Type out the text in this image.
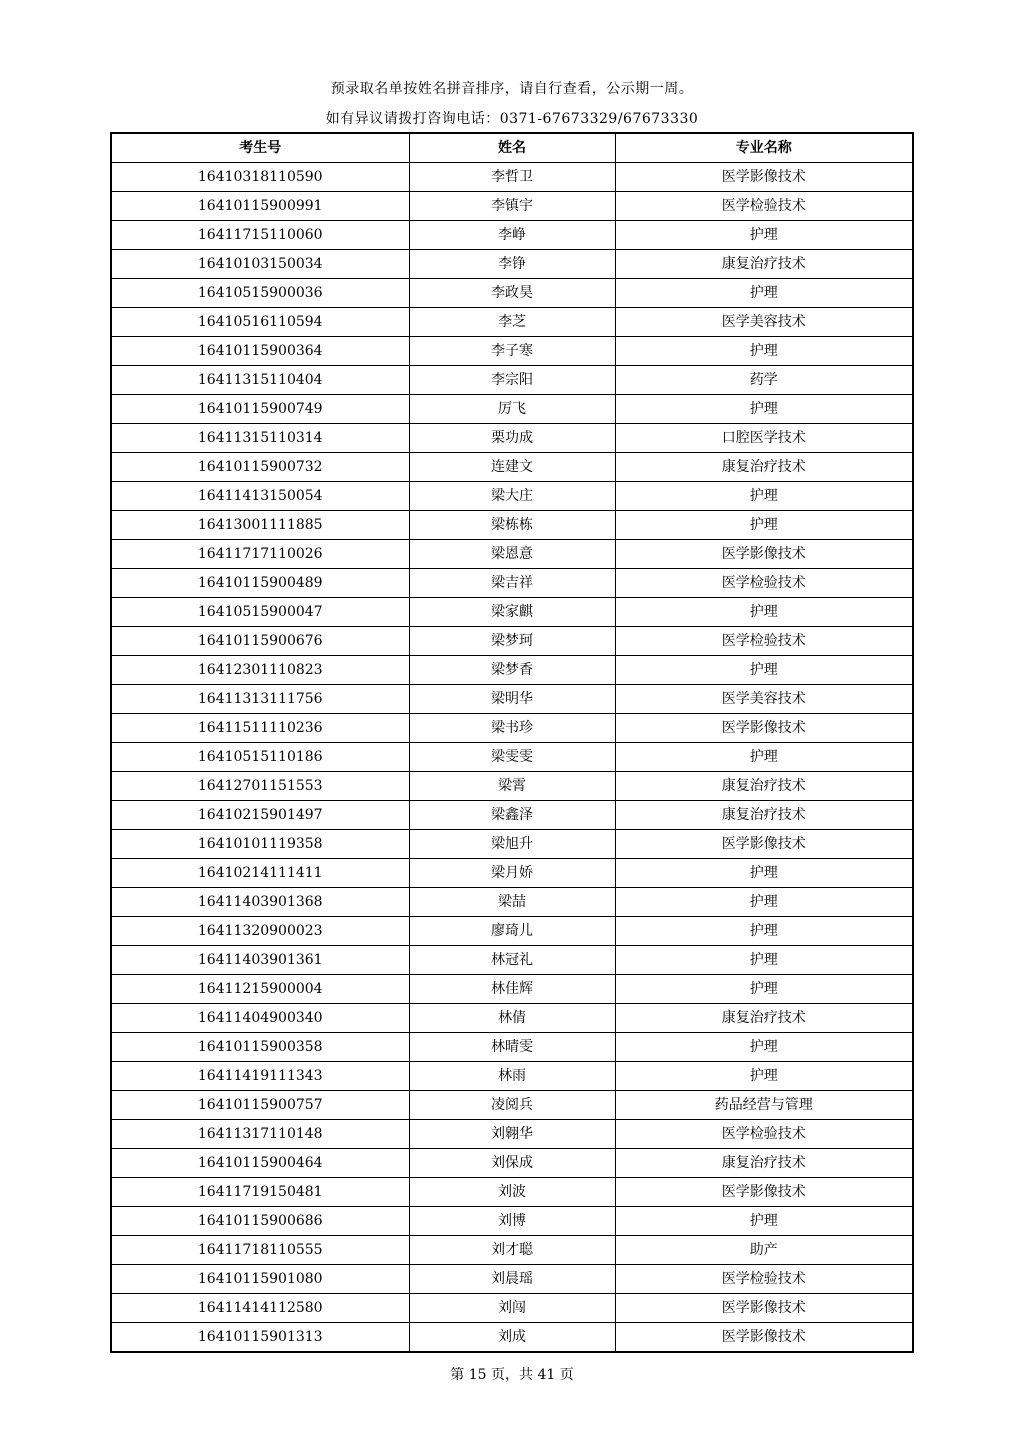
预录取名单按姓名拼音排序，请自行查看，公示期一周。
如有异议请拨打咨询电话：0371-67673329/67673330
考生号	姓名	专业名称
16410318110590	李哲卫	医学影像技术
16410115900991	李镇宇	医学检验技术
16411715110060	李峥	护理
16410103150034	李铮	康复治疗技术
16410515900036	李政昊	护理
16410516110594	李芝	医学美容技术
16410115900364	李子寒	护理
16411315110404	李宗阳	药学
16410115900749	厉飞	护理
16411315110314	栗功成	口腔医学技术
16410115900732	连建文	康复治疗技术
16411413150054	梁大庄	护理
16413001111885	梁栋栋	护理
16411717110026	梁恩意	医学影像技术
16410115900489	梁吉祥	医学检验技术
16410515900047	梁家麒	护理
16410115900676	梁梦珂	医学检验技术
16412301110823	梁梦香	护理
16411313111756	梁明华	医学美容技术
16411511110236	梁书珍	医学影像技术
16410515110186	梁雯雯	护理
16412701151553	梁霄	康复治疗技术
16410215901497	梁鑫泽	康复治疗技术
16410101119358	梁旭升	医学影像技术
16410214111411	梁月娇	护理
16411403901368	梁喆	护理
16411320900023	廖琦儿	护理
16411403901361	林冠礼	护理
16411215900004	林佳辉	护理
16411404900340	林倩	康复治疗技术
16410115900358	林晴雯	护理
16411419111343	林雨	护理
16410115900757	凌阅兵	药品经营与管理
16411317110148	刘翱华	医学检验技术
16410115900464	刘保成	康复治疗技术
16411719150481	刘波	医学影像技术
16410115900686	刘博	护理
16411718110555	刘才聪	助产
16410115901080	刘晨瑶	医学检验技术
16411414112580	刘闯	医学影像技术
16410115901313	刘成	医学影像技术
第 15 页，共 41 页
